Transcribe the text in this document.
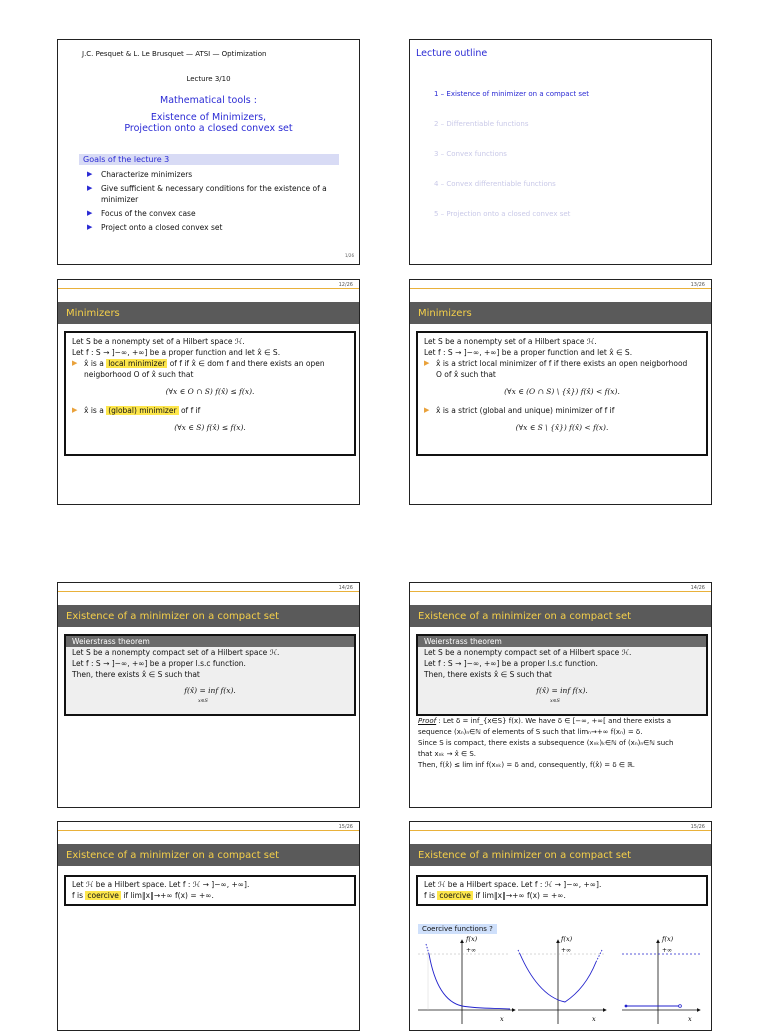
J.C. Pesquet & L. Le Brusquet — ATSI — Optimization
Lecture 3/10
Mathematical tools :
Existence of Minimizers,
Projection onto a closed convex set
Goals of the lecture 3
▶	Characterize minimizers
▶	Give sufficient & necessary conditions for the existence of a minimizer
▶	Focus of the convex case
▶	Project onto a closed convex set
1/26
Lecture outline
1 – Existence of minimizer on a compact set
2 – Differentiable functions
3 – Convex functions
4 – Convex differentiable functions
5 – Projection onto a closed convex set
12/26
Minimizers
Let S be a nonempty set of a Hilbert space ℋ.
Let f : S → ]−∞, +∞] be a proper function and let x̂ ∈ S.
▶ x̂ is a local minimizer of f if x̂ ∈ dom f and there exists an open
neigborhood O of x̂ such that
(∀x ∈ O ∩ S) f(x̂) ≤ f(x).
▶ x̂ is a (global) minimizer of f if
(∀x ∈ S) f(x̂) ≤ f(x).
13/26
Minimizers
Let S be a nonempty set of a Hilbert space ℋ.
Let f : S → ]−∞, +∞] be a proper function and let x̂ ∈ S.
▶ x̂ is a strict local minimizer of f if there exists an open neigborhood
O of x̂ such that
(∀x ∈ (O ∩ S) \ {x̂}) f(x̂) < f(x).
▶ x̂ is a strict (global and unique) minimizer of f if
(∀x ∈ S \ {x̂}) f(x̂) < f(x).
14/26
Existence of a minimizer on a compact set
Weierstrass theorem
Let S be a nonempty compact set of a Hilbert space ℋ.
Let f : S → ]−∞, +∞] be a proper l.s.c function.
Then, there exists x̂ ∈ S such that
f(x̂) = inf f(x).
x∈S
14/26
Existence of a minimizer on a compact set
Weierstrass theorem
Let S be a nonempty compact set of a Hilbert space ℋ.
Let f : S → ]−∞, +∞] be a proper l.s.c function.
Then, there exists x̂ ∈ S such that
f(x̂) = inf f(x).
x∈S
Proof : Let δ = inf_{x∈S} f(x). We have δ ∈ [−∞, +∞[ and there exists a
sequence (xₙ)ₙ∈ℕ of elements of S such that limₙ→+∞ f(xₙ) = δ.
Since S is compact, there exists a subsequence (xₙₖ)ₖ∈ℕ of (xₙ)ₙ∈ℕ such
that xₙₖ → x̂ ∈ S.
Then, f(x̂) ≤ lim inf f(xₙₖ) = δ and, consequently, f(x̂) = δ ∈ ℝ.
15/26
Existence of a minimizer on a compact set
Let ℋ be a Hilbert space. Let f : ℋ → ]−∞, +∞].
f is coercive if lim‖x‖→+∞ f(x) = +∞.
15/26
Existence of a minimizer on a compact set
Let ℋ be a Hilbert space. Let f : ℋ → ]−∞, +∞].
f is coercive if lim‖x‖→+∞ f(x) = +∞.
Coercive functions ?
f(x)
+∞
x
f(x)
+∞
x
f(x)
+∞
x
